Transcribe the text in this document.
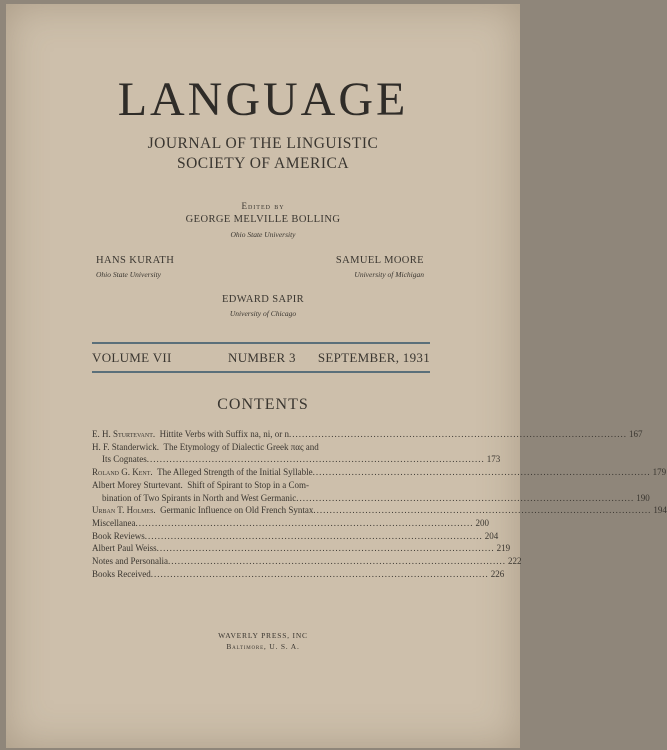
LANGUAGE
JOURNAL OF THE LINGUISTIC
SOCIETY OF AMERICA
Edited by
GEORGE MELVILLE BOLLING
Ohio State University
HANS KURATH
Ohio State University
SAMUEL MOORE
University of Michigan
EDWARD SAPIR
University of Chicago
VOLUME VII	NUMBER 3 SEPTEMBER, 1931
CONTENTS
E. H. Sturtevant. Hittite Verbs with Suffix na, ni, or n .....	167
H. F. Standerwick.
The Etymology of Dialectic Greek πας and
Its Cognates .....	173
Roland G. Kent. The Alleged Strength of the Initial Syllable .....	179
Albert Morey Sturtevant.
Shift of Spirant to Stop in a Com-
bination of Two Spirants in North and West Germanic .....	190
Urban T. Holmes. Germanic Influence on Old French Syntax .....	194
Miscellanea .....	200
Book Reviews .....	204
Albert Paul Weiss .....	219
Notes and Personalia .....	222
Books Received .....	226
WAVERLY PRESS, INC
Baltimore, U. S. A.
